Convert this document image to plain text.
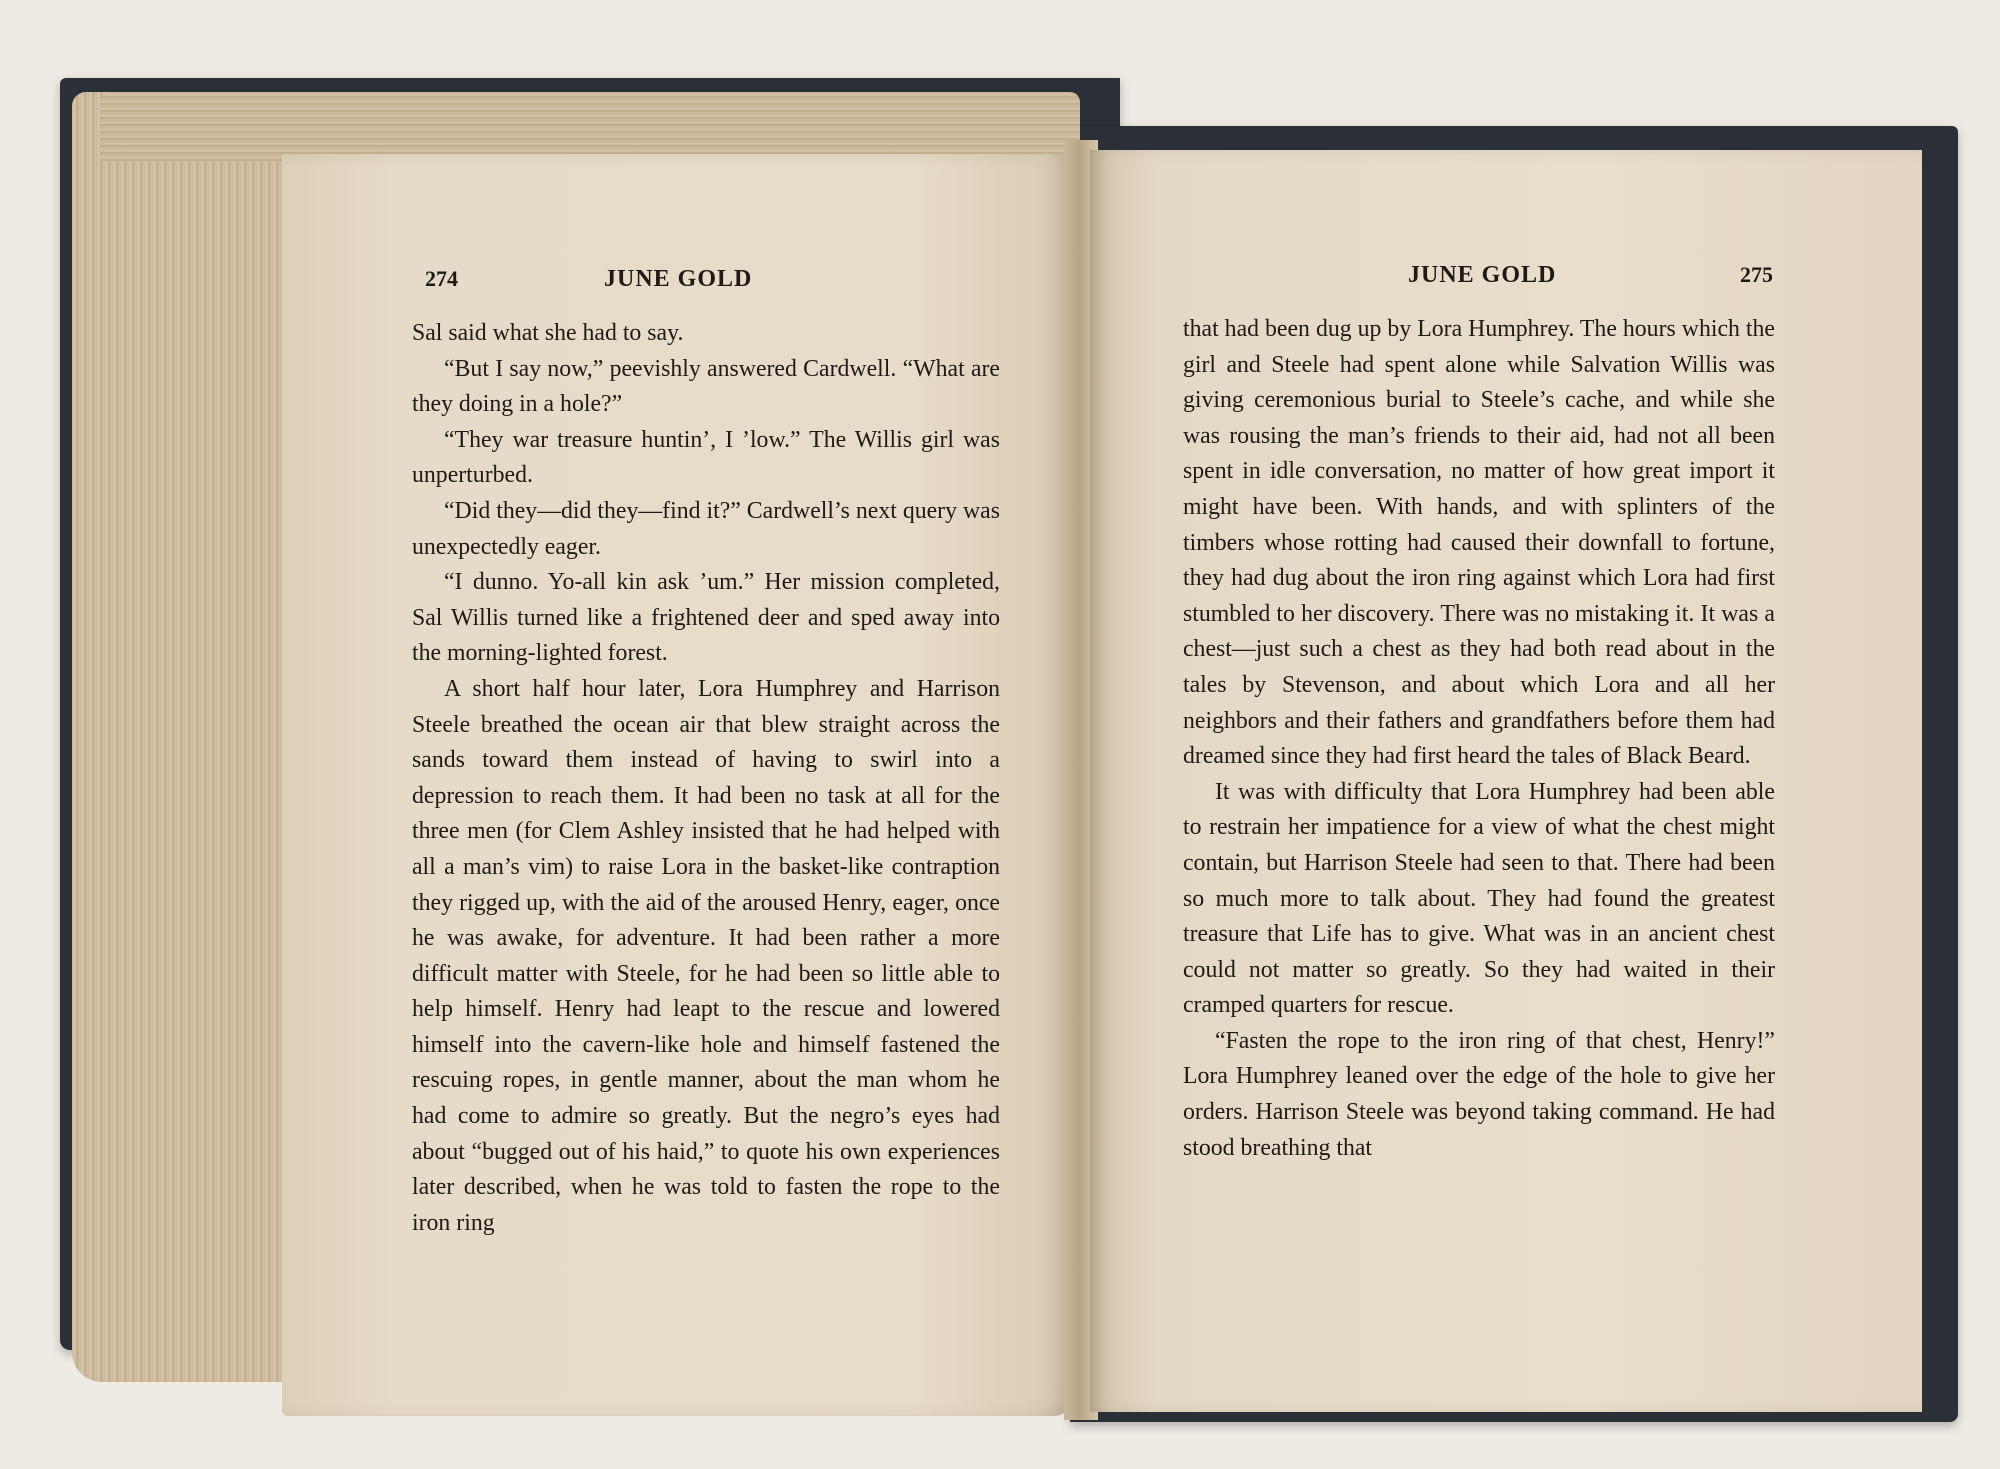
274	JUNE GOLD

Sal said what she had to say.

“But I say now,” peevishly answered Cardwell. “What are they doing in a hole?”

“They war treasure huntin’, I ’low.” The Willis girl was unperturbed.

“Did they—did they—find it?” Cardwell’s next query was unexpectedly eager.

“I dunno. Yo-all kin ask ’um.” Her mission completed, Sal Willis turned like a frightened deer and sped away into the morning-lighted forest.

A short half hour later, Lora Humphrey and Harrison Steele breathed the ocean air that blew straight across the sands toward them instead of having to swirl into a depression to reach them. It had been no task at all for the three men (for Clem Ashley insisted that he had helped with all a man’s vim) to raise Lora in the basket-like contraption they rigged up, with the aid of the aroused Henry, eager, once he was awake, for adventure. It had been rather a more difficult matter with Steele, for he had been so little able to help himself. Henry had leapt to the rescue and lowered himself into the cavern-like hole and himself fastened the rescuing ropes, in gentle manner, about the man whom he had come to admire so greatly. But the negro’s eyes had about “bugged out of his haid,” to quote his own experiences later described, when he was told to fasten the rope to the iron ring

JUNE GOLD	275

that had been dug up by Lora Humphrey. The hours which the girl and Steele had spent alone while Salvation Willis was giving ceremonious burial to Steele’s cache, and while she was rousing the man’s friends to their aid, had not all been spent in idle conversation, no matter of how great import it might have been. With hands, and with splinters of the timbers whose rotting had caused their downfall to fortune, they had dug about the iron ring against which Lora had first stumbled to her discovery. There was no mistaking it. It was a chest—just such a chest as they had both read about in the tales by Stevenson, and about which Lora and all her neighbors and their fathers and grandfathers before them had dreamed since they had first heard the tales of Black Beard.

It was with difficulty that Lora Humphrey had been able to restrain her impatience for a view of what the chest might contain, but Harrison Steele had seen to that. There had been so much more to talk about. They had found the greatest treasure that Life has to give. What was in an ancient chest could not matter so greatly. So they had waited in their cramped quarters for rescue.

“Fasten the rope to the iron ring of that chest, Henry!” Lora Humphrey leaned over the edge of the hole to give her orders. Harrison Steele was beyond taking command. He had stood breathing that
